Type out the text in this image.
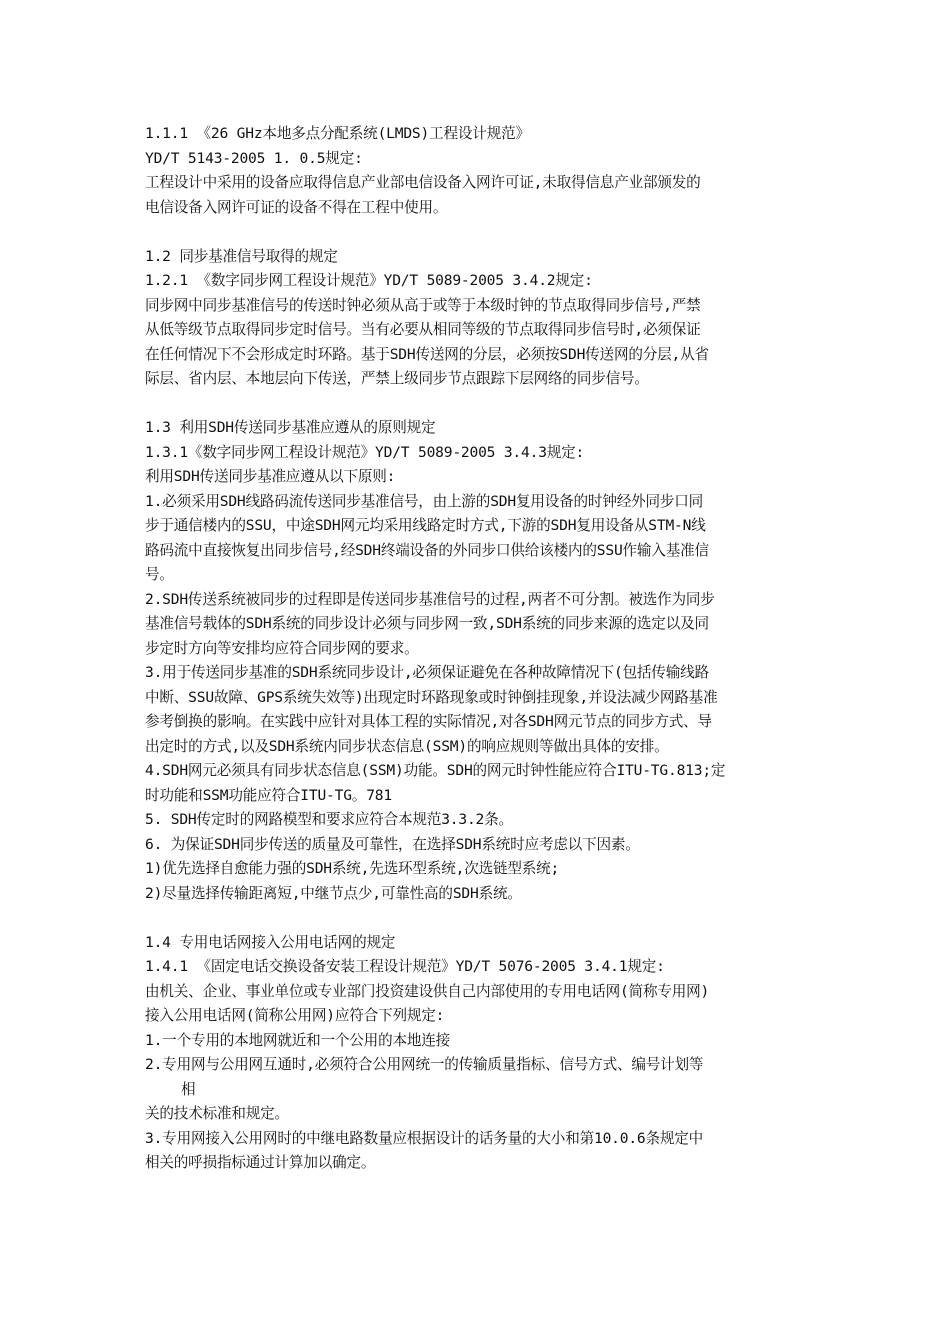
1.1.1 《26 GHz本地多点分配系统(LMDS)工程设计规范》
YD/T 5143-2005 1. 0.5规定:
工程设计中采用的设备应取得信息产业部电信设备入网许可证,未取得信息产业部颁发的
电信设备入网许可证的设备不得在工程中使用。
1.2 同步基准信号取得的规定
1.2.1 《数字同步网工程设计规范》YD/T 5089-2005 3.4.2规定:
同步网中同步基准信号的传送时钟必须从高于或等于本级时钟的节点取得同步信号,严禁
从低等级节点取得同步定时信号。当有必要从相同等级的节点取得同步信号时,必须保证
在任何情况下不会形成定时环路。基于SDH传送网的分层，必须按SDH传送网的分层,从省
际层、省内层、本地层向下传送，严禁上级同步节点跟踪下层网络的同步信号。
1.3 利用SDH传送同步基准应遵从的原则规定
1.3.1《数字同步网工程设计规范》YD/T 5089-2005 3.4.3规定:
利用SDH传送同步基准应遵从以下原则:
1.必须采用SDH线路码流传送同步基准信号，由上游的SDH复用设备的时钟经外同步口同
步于通信楼内的SSU，中途SDH网元均采用线路定时方式,下游的SDH复用设备从STM-N线
路码流中直接恢复出同步信号,经SDH终端设备的外同步口供给该楼内的SSU作输入基准信
号。
2.SDH传送系统被同步的过程即是传送同步基准信号的过程,两者不可分割。被选作为同步
基准信号载体的SDH系统的同步设计必须与同步网一致,SDH系统的同步来源的选定以及同
步定时方向等安排均应符合同步网的要求。
3.用于传送同步基准的SDH系统同步设计,必须保证避免在各种故障情况下(包括传输线路
中断、SSU故障、GPS系统失效等)出现定时环路现象或时钟倒挂现象,并设法减少网路基准
参考倒换的影响。在实践中应针对具体工程的实际情况,对各SDH网元节点的同步方式、导
出定时的方式,以及SDH系统内同步状态信息(SSM)的响应规则等做出具体的安排。
4.SDH网元必须具有同步状态信息(SSM)功能。SDH的网元时钟性能应符合ITU-TG.813;定
时功能和SSM功能应符合ITU-TG。781
5. SDH传定时的网路模型和要求应符合本规范3.3.2条。
6. 为保证SDH同步传送的质量及可靠性，在选择SDH系统时应考虑以下因素。
1)优先选择自愈能力强的SDH系统,先选环型系统,次选链型系统;
2)尽量选择传输距离短,中继节点少,可靠性高的SDH系统。
1.4 专用电话网接入公用电话网的规定
1.4.1 《固定电话交换设备安装工程设计规范》YD/T 5076-2005 3.4.1规定:
由机关、企业、事业单位或专业部门投资建设供自己内部使用的专用电话网(简称专用网)
接入公用电话网(简称公用网)应符合下列规定:
1.一个专用的本地网就近和一个公用的本地连接
2.专用网与公用网互通时,必须符合公用网统一的传输质量指标、信号方式、编号计划等
相
关的技术标准和规定。
3.专用网接入公用网时的中继电路数量应根据设计的话务量的大小和第10.0.6条规定中
相关的呼损指标通过计算加以确定。
